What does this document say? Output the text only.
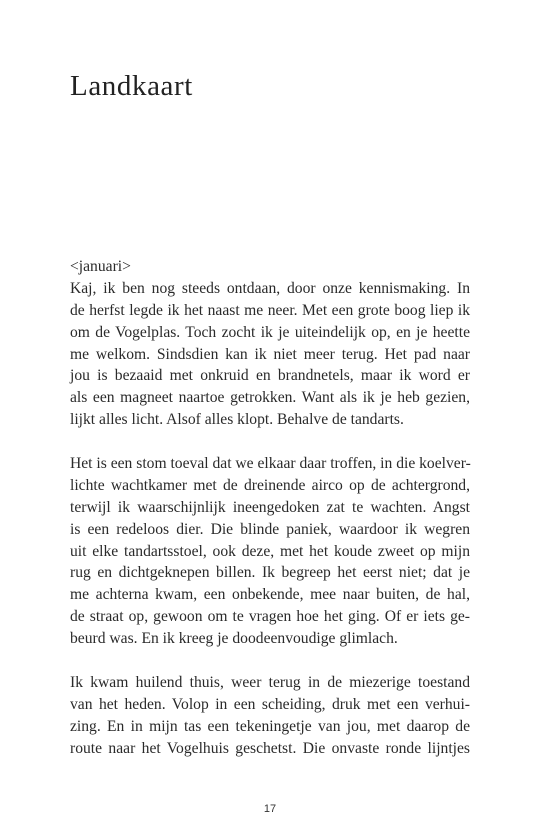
Landkaart
<januari>
Kaj, ik ben nog steeds ontdaan, door onze kennismaking. In
de herfst legde ik het naast me neer. Met een grote boog liep ik
om de Vogelplas. Toch zocht ik je uiteindelijk op, en je heette
me welkom. Sindsdien kan ik niet meer terug. Het pad naar
jou is bezaaid met onkruid en brandnetels, maar ik word er
als een magneet naartoe getrokken. Want als ik je heb gezien,
lijkt alles licht. Alsof alles klopt. Behalve de tandarts.
Het is een stom toeval dat we elkaar daar troffen, in die koelver-
lichte wachtkamer met de dreinende airco op de achtergrond,
terwijl ik waarschijnlijk ineengedoken zat te wachten. Angst
is een redeloos dier. Die blinde paniek, waardoor ik wegren
uit elke tandartsstoel, ook deze, met het koude zweet op mijn
rug en dichtgeknepen billen. Ik begreep het eerst niet; dat je
me achterna kwam, een onbekende, mee naar buiten, de hal,
de straat op, gewoon om te vragen hoe het ging. Of er iets ge-
beurd was. En ik kreeg je doodeenvoudige glimlach.
Ik kwam huilend thuis, weer terug in de miezerige toestand
van het heden. Volop in een scheiding, druk met een verhui-
zing. En in mijn tas een tekeningetje van jou, met daarop de
route naar het Vogelhuis geschetst. Die onvaste ronde lijntjes
17
